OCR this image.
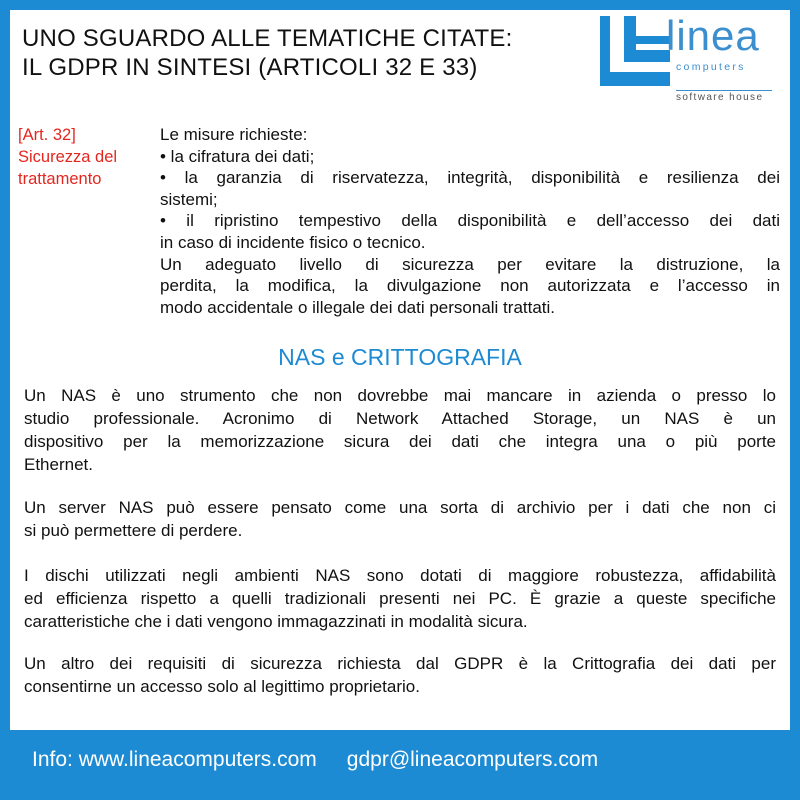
UNO SGUARDO ALLE TEMATICHE CITATE:
IL GDPR IN SINTESI (ARTICOLI 32 E 33)
linea
computers
software house
[Art. 32]
Sicurezza del
trattamento
Le misure richieste:
• la cifratura dei dati;
• la garanzia di riservatezza, integrità, disponibilità e resilienza dei
sistemi;
• il ripristino tempestivo della disponibilità e dell’accesso dei dati
in caso di incidente fisico o tecnico.
Un adeguato livello di sicurezza per evitare la distruzione, la
perdita, la modifica, la divulgazione non autorizzata e l’accesso in
modo accidentale o illegale dei dati personali trattati.
NAS e CRITTOGRAFIA
Un NAS è uno strumento che non dovrebbe mai mancare in azienda o presso lo
studio professionale. Acronimo di Network Attached Storage, un NAS è un
dispositivo per la memorizzazione sicura dei dati che integra una o più porte
Ethernet.
Un server NAS può essere pensato come una sorta di archivio per i dati che non ci
si può permettere di perdere.
I dischi utilizzati negli ambienti NAS sono dotati di maggiore robustezza, affidabilità
ed efficienza rispetto a quelli tradizionali presenti nei PC. È grazie a queste specifiche
caratteristiche che i dati vengono immagazzinati in modalità sicura.
Un altro dei requisiti di sicurezza richiesta dal GDPR è la Crittografia dei dati per
consentirne un accesso solo al legittimo proprietario.
Info: www.lineacomputers.com gdpr@lineacomputers.com
